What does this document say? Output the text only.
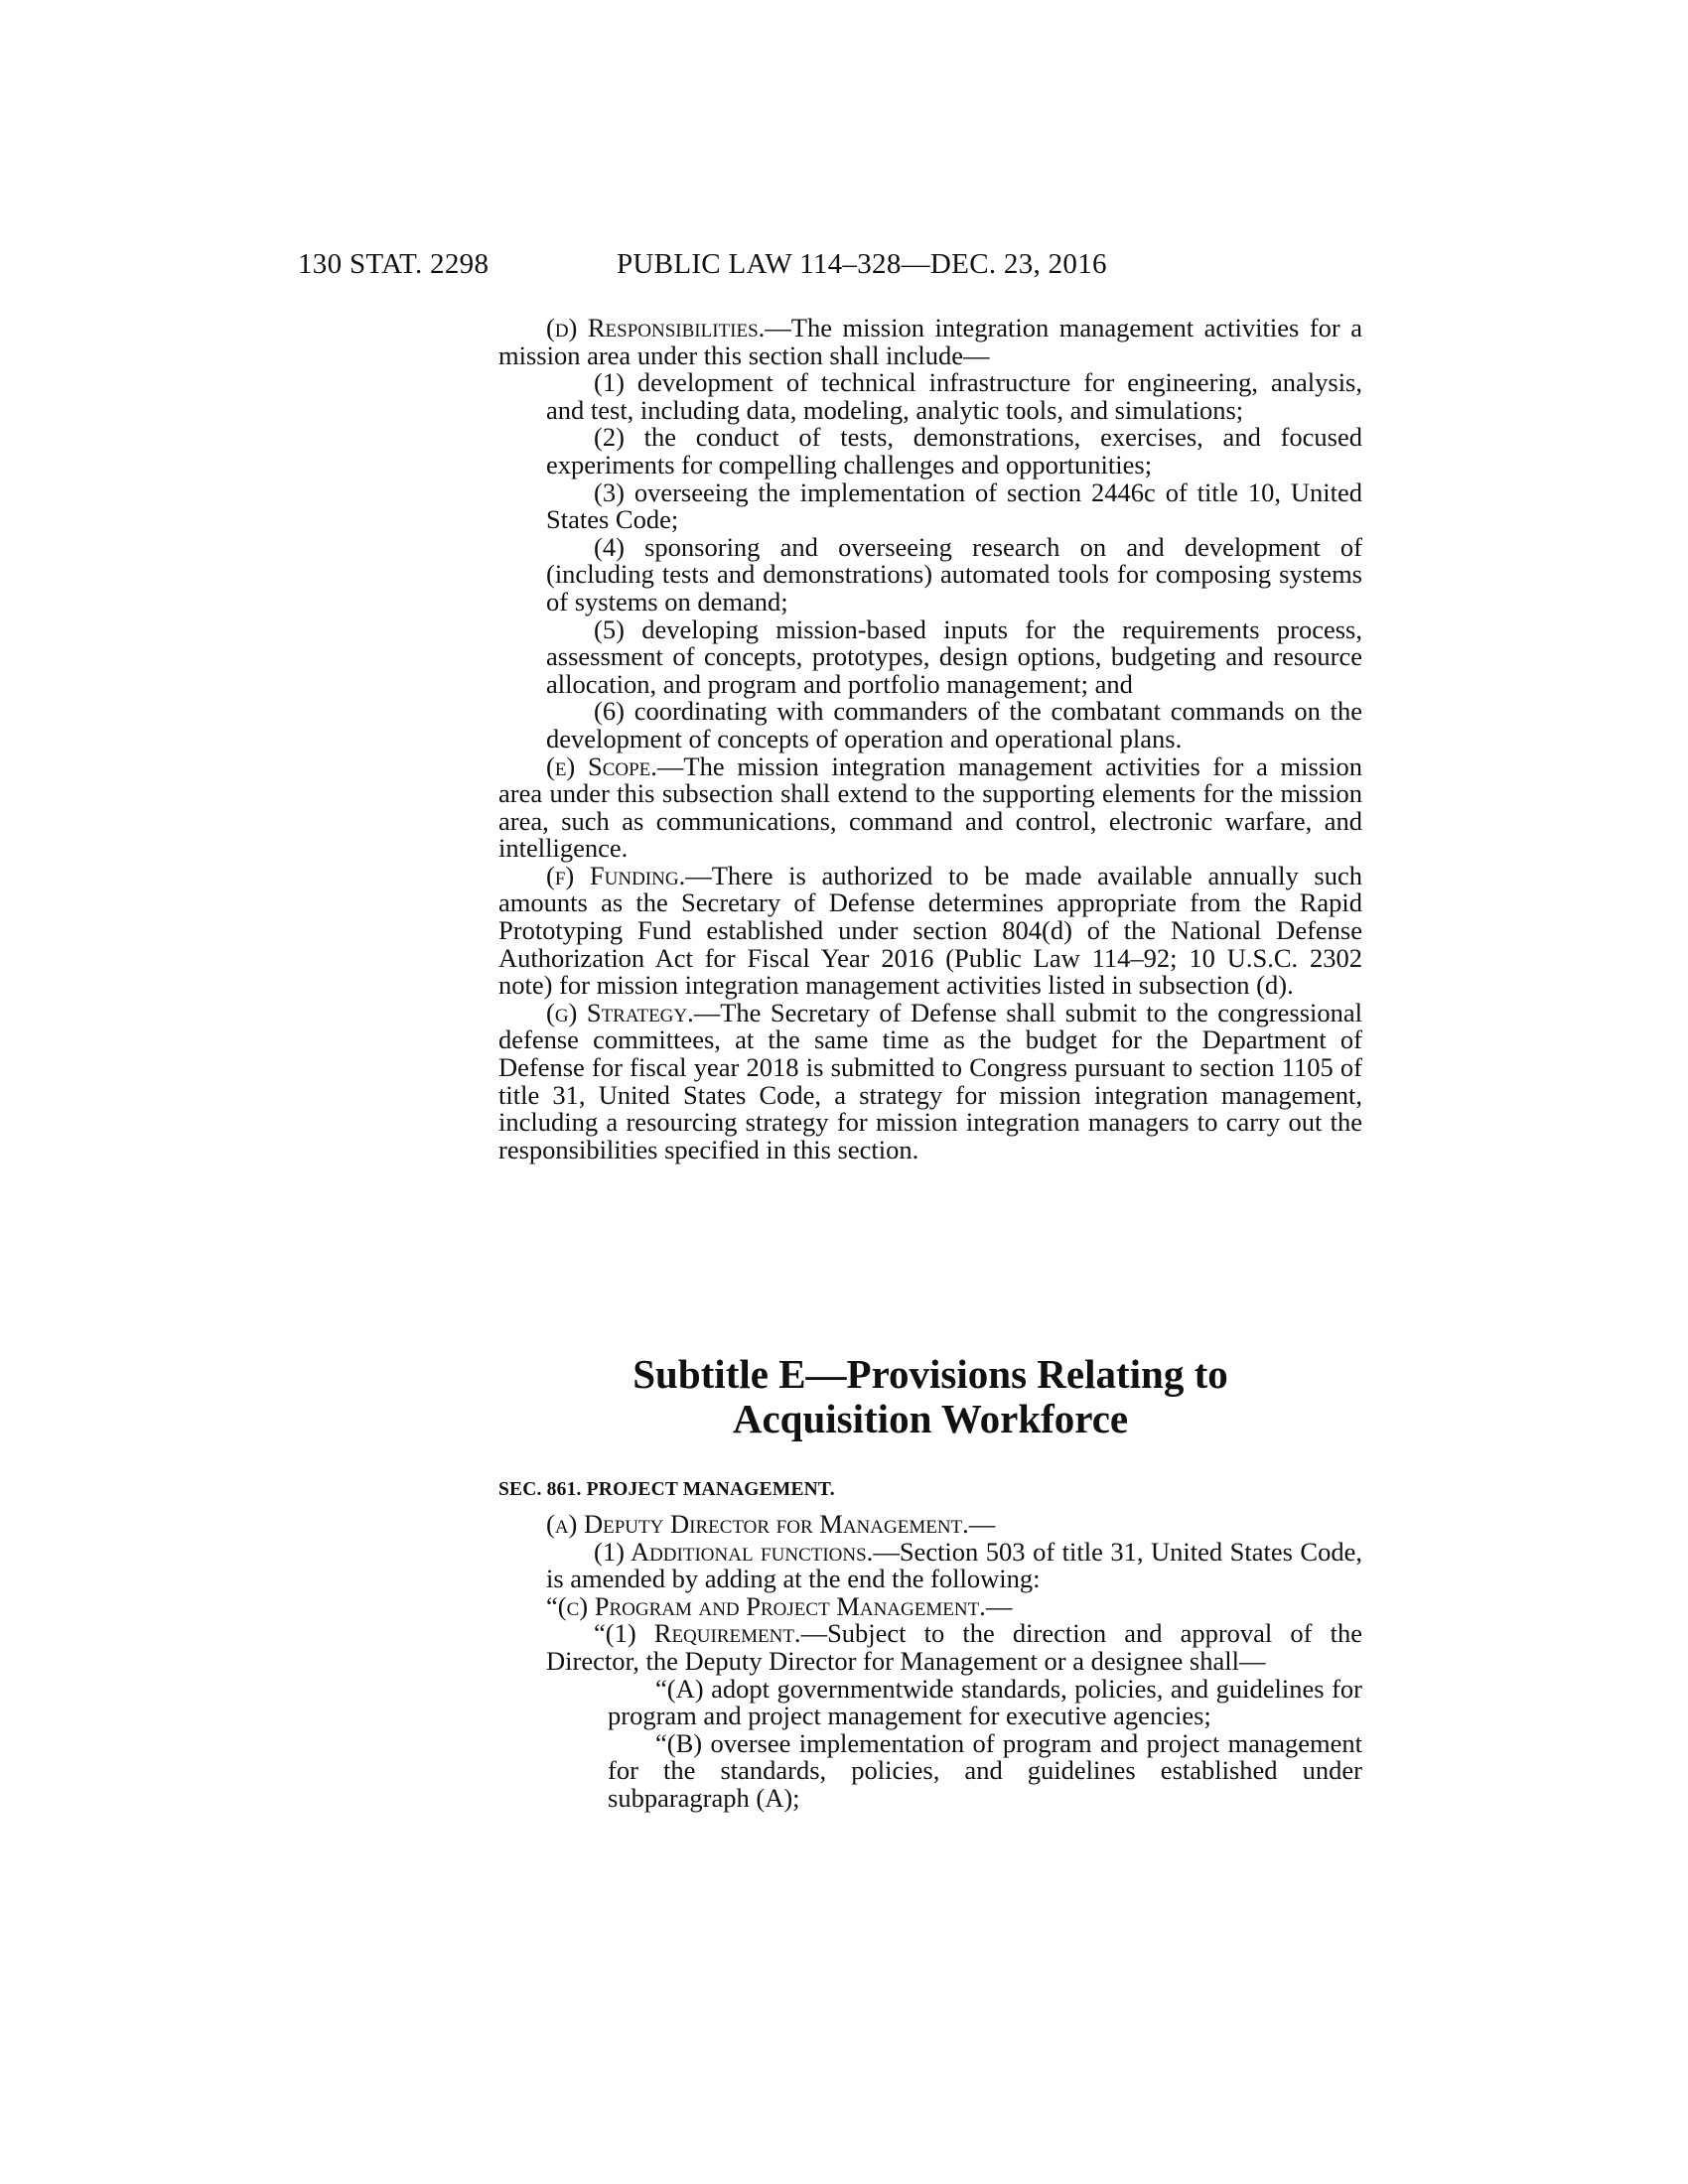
130 STAT. 2298	PUBLIC LAW 114–328—DEC. 23, 2016

(d) Responsibilities.—The mission integration management activities for a mission area under this section shall include—

(1) development of technical infrastructure for engineering, analysis, and test, including data, modeling, analytic tools, and simulations;

(2) the conduct of tests, demonstrations, exercises, and focused experiments for compelling challenges and opportunities;

(3) overseeing the implementation of section 2446c of title 10, United States Code;

(4) sponsoring and overseeing research on and development of (including tests and demonstrations) automated tools for composing systems of systems on demand;

(5) developing mission-based inputs for the requirements process, assessment of concepts, prototypes, design options, budgeting and resource allocation, and program and portfolio management; and

(6) coordinating with commanders of the combatant commands on the development of concepts of operation and operational plans.

(e) Scope.—The mission integration management activities for a mission area under this subsection shall extend to the supporting elements for the mission area, such as communications, command and control, electronic warfare, and intelligence.

(f) Funding.—There is authorized to be made available annually such amounts as the Secretary of Defense determines appropriate from the Rapid Prototyping Fund established under section 804(d) of the National Defense Authorization Act for Fiscal Year 2016 (Public Law 114–92; 10 U.S.C. 2302 note) for mission integration management activities listed in subsection (d).

(g) Strategy.—The Secretary of Defense shall submit to the congressional defense committees, at the same time as the budget for the Department of Defense for fiscal year 2018 is submitted to Congress pursuant to section 1105 of title 31, United States Code, a strategy for mission integration management, including a resourcing strategy for mission integration managers to carry out the responsibilities specified in this section.

Subtitle E—Provisions Relating to
Acquisition Workforce
SEC. 861. PROJECT MANAGEMENT.

(a) Deputy Director for Management.—

(1) Additional functions.—Section 503 of title 31, United States Code, is amended by adding at the end the following:

“(c) Program and Project Management.—

“(1) Requirement.—Subject to the direction and approval of the Director, the Deputy Director for Management or a designee shall—

“(A) adopt governmentwide standards, policies, and guidelines for program and project management for executive agencies;

“(B) oversee implementation of program and project management for the standards, policies, and guidelines established under subparagraph (A);
